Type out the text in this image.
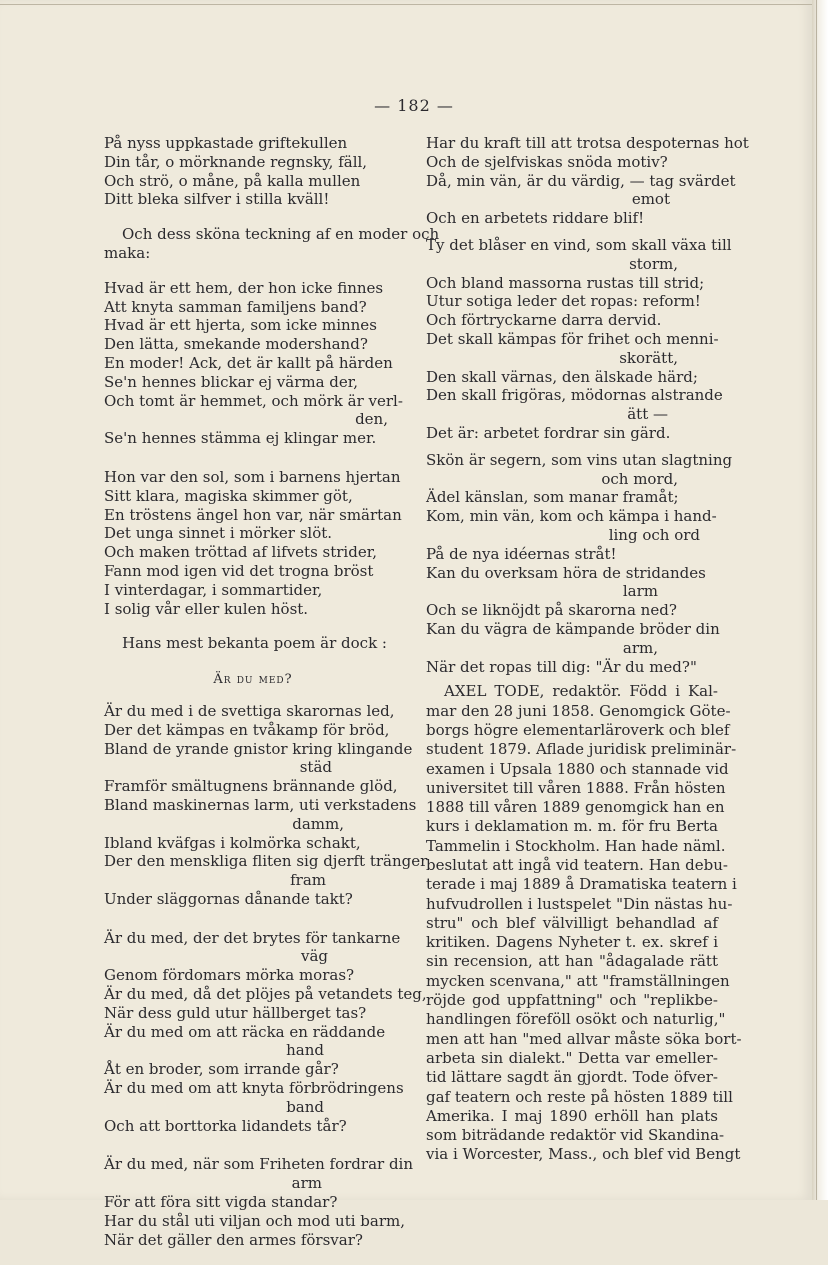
— 182 —
På nyss uppkastade griftekullen
Din tår, o mörknande regnsky, fäll,
Och strö, o måne, på kalla mullen
Ditt bleka silfver i stilla kväll!
Och dess sköna teckning af en moder och
maka:
Hvad är ett hem, der hon icke finnes
Att knyta samman familjens band?
Hvad är ett hjerta, som icke minnes
Den lätta, smekande modershand?
En moder! Ack, det är kallt på härden
Se'n hennes blickar ej värma der,
Och tomt är hemmet, och mörk är verl-
den,
Se'n hennes stämma ej klingar mer.
Hon var den sol, som i barnens hjertan
Sitt klara, magiska skimmer göt,
En tröstens ängel hon var, när smärtan
Det unga sinnet i mörker slöt.
Och maken tröttad af lifvets strider,
Fann mod igen vid det trogna bröst
I vinterdagar, i sommartider,
I solig vår eller kulen höst.
Hans mest bekanta poem är dock :
Är du med?
Är du med i de svettiga skarornas led,
Der det kämpas en tvåkamp för bröd,
Bland de yrande gnistor kring klingande
städ
Framför smältugnens brännande glöd,
Bland maskinernas larm, uti verkstadens
damm,
Ibland kväfgas i kolmörka schakt,
Der den menskliga fliten sig djerft tränger
fram
Under släggornas dånande takt?
Är du med, der det brytes för tankarne
väg
Genom fördomars mörka moras?
Är du med, då det plöjes på vetandets teg,
När dess guld utur hällberget tas?
Är du med om att räcka en räddande
hand
Åt en broder, som irrande går?
Är du med om att knyta förbrödringens
band
Och att borttorka lidandets tår?
Är du med, när som Friheten fordrar din
arm
För att föra sitt vigda standar?
Har du stål uti viljan och mod uti barm,
När det gäller den armes försvar?
Har du kraft till att trotsa despoternas hot
Och de sjelfviskas snöda motiv?
Då, min vän, är du värdig, — tag svärdet
emot
Och en arbetets riddare blif!
Ty det blåser en vind, som skall växa till
storm,
Och bland massorna rustas till strid;
Utur sotiga leder det ropas: reform!
Och förtryckarne darra dervid.
Det skall kämpas för frihet och menni-
skorätt,
Den skall värnas, den älskade härd;
Den skall frigöras, mödornas alstrande
ätt —
Det är: arbetet fordrar sin gärd.
Skön är segern, som vins utan slagtning
och mord,
Ädel känslan, som manar framåt;
Kom, min vän, kom och kämpa i hand-
ling och ord
På de nya idéernas stråt!
Kan du overksam höra de stridandes
larm
Och se liknöjdt på skarorna ned?
Kan du vägra de kämpande bröder din
arm,
När det ropas till dig: "Är du med?"
AXEL TODE, redaktör. Född i Kal-
mar den 28 juni 1858. Genomgick Göte-
borgs högre elementarläroverk och blef
student 1879. Aflade juridisk preliminär-
examen i Upsala 1880 och stannade vid
universitet till våren 1888. Från hösten
1888 till våren 1889 genomgick han en
kurs i deklamation m. m. för fru Berta
Tammelin i Stockholm. Han hade näml.
beslutat att ingå vid teatern. Han debu-
terade i maj 1889 å Dramatiska teatern i
hufvudrollen i lustspelet "Din nästas hu-
stru" och blef välvilligt behandlad af
kritiken. Dagens Nyheter t. ex. skref i
sin recension, att han "ådagalade rätt
mycken scenvana," att "framställningen
röjde god uppfattning" och "replikbe-
handlingen föreföll osökt och naturlig,"
men att han "med allvar måste söka bort-
arbeta sin dialekt." Detta var emeller-
tid lättare sagdt än gjordt. Tode öfver-
gaf teatern och reste på hösten 1889 till
Amerika. I maj 1890 erhöll han plats
som biträdande redaktör vid Skandina-
via i Worcester, Mass., och blef vid Bengt
